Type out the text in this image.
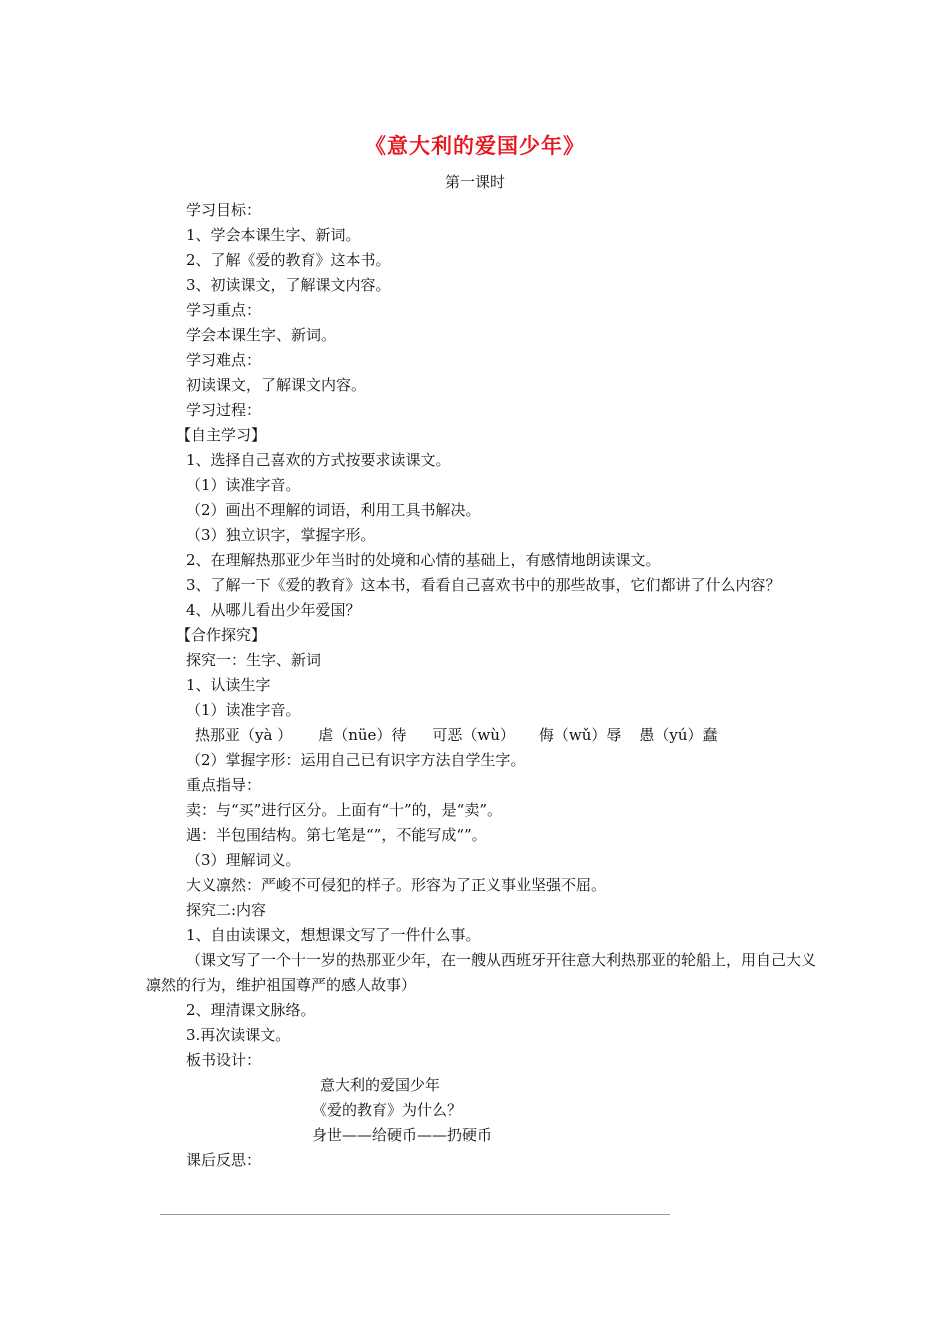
《意大利的爱国少年》
第一课时
学习目标：
1、学会本课生字、新词。
2、了解《爱的教育》这本书。
3、初读课文，了解课文内容。
学习重点：
学会本课生字、新词。
学习难点：
初读课文，了解课文内容。
学习过程：
【自主学习】
1、选择自己喜欢的方式按要求读课文。
（1）读准字音。
（2）画出不理解的词语，利用工具书解决。
（3）独立识字，掌握字形。
2、在理解热那亚少年当时的处境和心情的基础上，有感情地朗读课文。
3、了解一下《爱的教育》这本书，看看自己喜欢书中的那些故事，它们都讲了什么内容？
4、从哪儿看出少年爱国？
【合作探究】
探究一：生字、新词
1、认读生字
（1）读准字音。
热那亚（yà ） 虐（nüe）待 可恶（wù） 侮（wǔ）辱 愚（yú）蠢
（2）掌握字形：运用自己已有识字方法自学生字。
重点指导：
卖：与“买”进行区分。上面有“十”的，是“卖”。
遇：半包围结构。第七笔是“”，不能写成“”。
（3）理解词义。
大义凛然：严峻不可侵犯的样子。形容为了正义事业坚强不屈。
探究二:内容
1、自由读课文，想想课文写了一件什么事。
（课文写了一个十一岁的热那亚少年，在一艘从西班牙开往意大利热那亚的轮船上，用自己大义凛然的行为，维护祖国尊严的感人故事）
2、理清课文脉络。
3.再次读课文。
板书设计：
意大利的爱国少年
《爱的教育》为什么？
身世——给硬币——扔硬币
课后反思：
